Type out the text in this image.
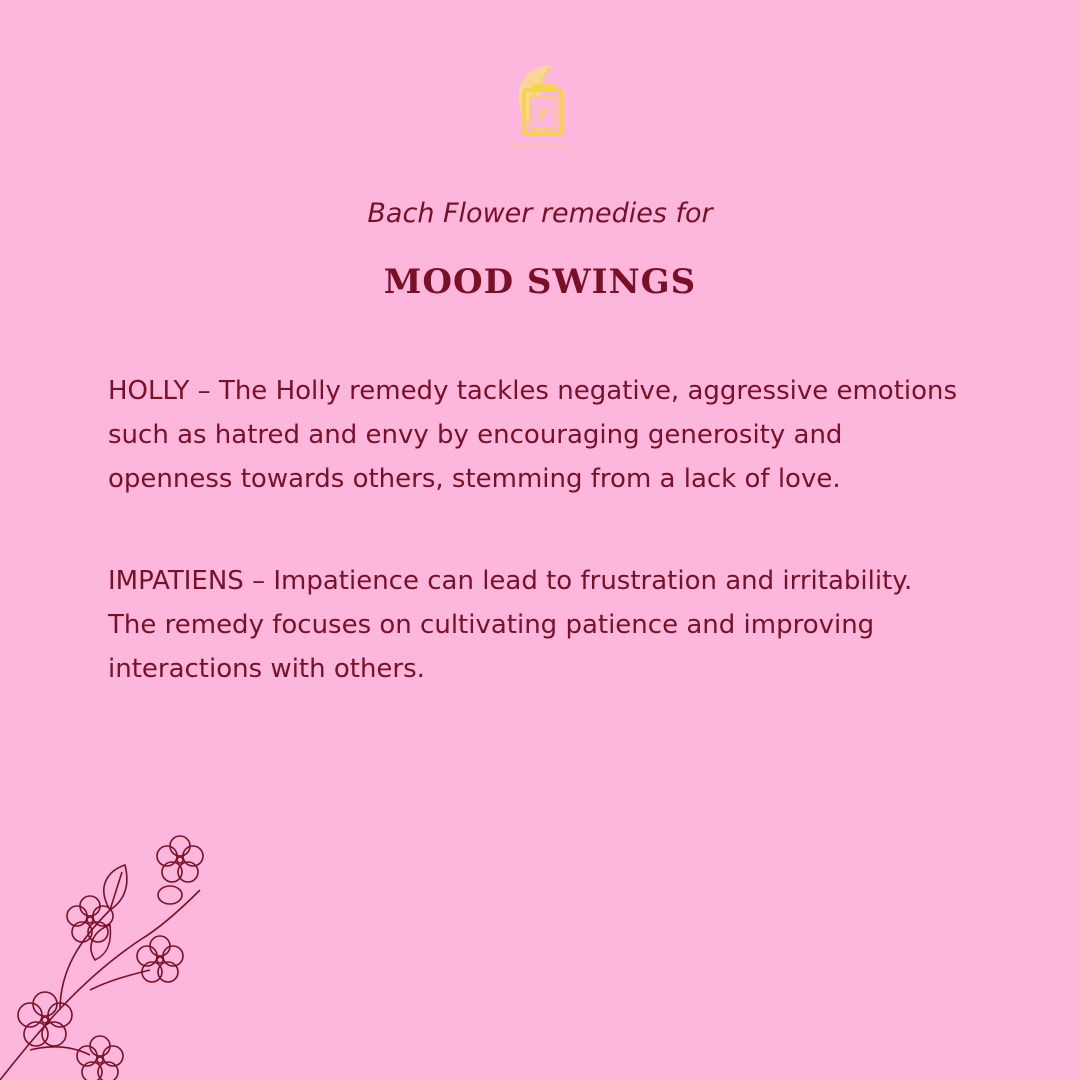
P
PUNYAHARA
Bach Flower remedies for
MOOD SWINGS

HOLLY – The Holly remedy tackles negative, aggressive emotions such as hatred and envy by encouraging generosity and openness towards others, stemming from a lack of love.

IMPATIENS – Impatience can lead to frustration and irritability. The remedy focuses on cultivating patience and improving interactions with others.
